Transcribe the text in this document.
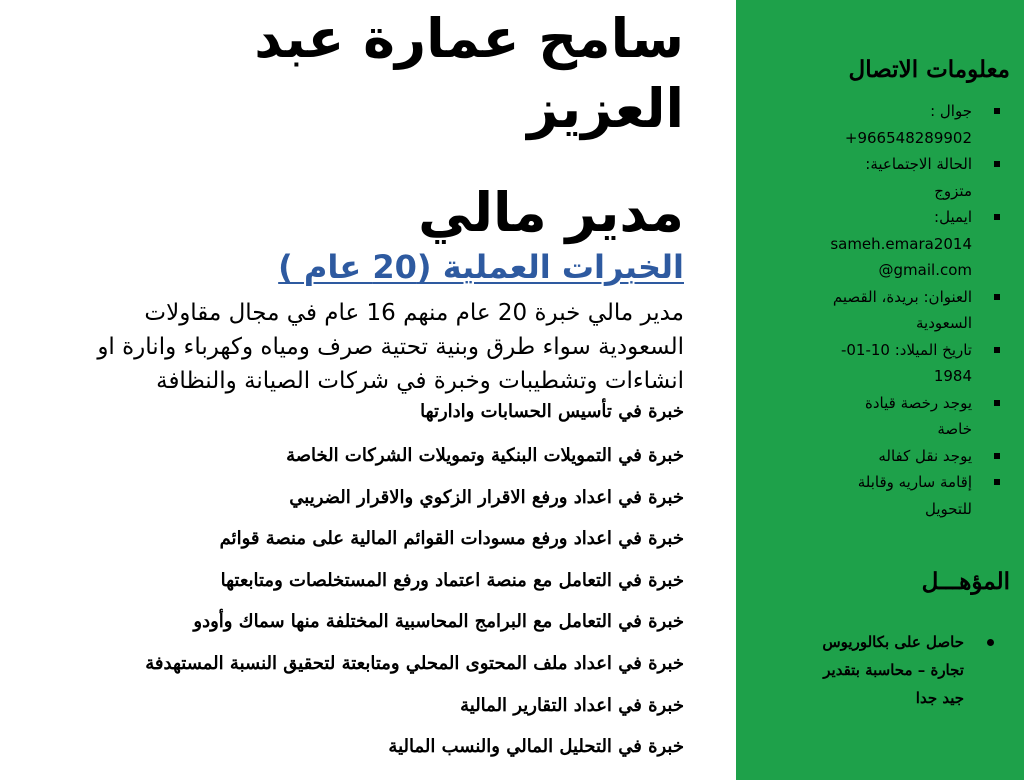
سامح عمارة عبد العزيز
مدير مالي
الخبرات العملية (20 عام )
مدير مالي خبرة 20 عام منهم 16 عام في مجال مقاولات
السعودية سواء طرق وبنية تحتية صرف ومياه وكهرباء وانارة او
انشاءات وتشطيبات وخبرة في شركات الصيانة والنظافة
خبرة في تأسيس الحسابات وادارتها
خبرة في التمويلات البنكية وتمويلات الشركات الخاصة
خبرة في اعداد ورفع الاقرار الزكوي والاقرار الضريبي
خبرة في اعداد ورفع مسودات القوائم المالية على منصة قوائم
خبرة في التعامل مع منصة اعتماد ورفع المستخلصات ومتابعتها
خبرة في التعامل مع البرامج المحاسبية المختلفة منها سماك وأودو
خبرة في اعداد ملف المحتوى المحلي ومتابعتة لتحقيق النسبة المستهدفة
خبرة في اعداد التقارير المالية
خبرة في التحليل المالي والنسب المالية
معلومات الاتصال
جوال :
+966548289902
الحالة الاجتماعية:
متزوج
ايميل:
sameh.emara2014
@gmail.com
العنوان: بريدة، القصيم
السعودية
تاريخ الميلاد: 10-01-
1984
يوجد رخصة قيادة
خاصة
يوجد نقل كفاله
إقامة ساريه وقابلة
للتحويل
المؤهـــل
حاصل على بكالوريوس
تجارة – محاسبة بتقدير
جيد جدا
